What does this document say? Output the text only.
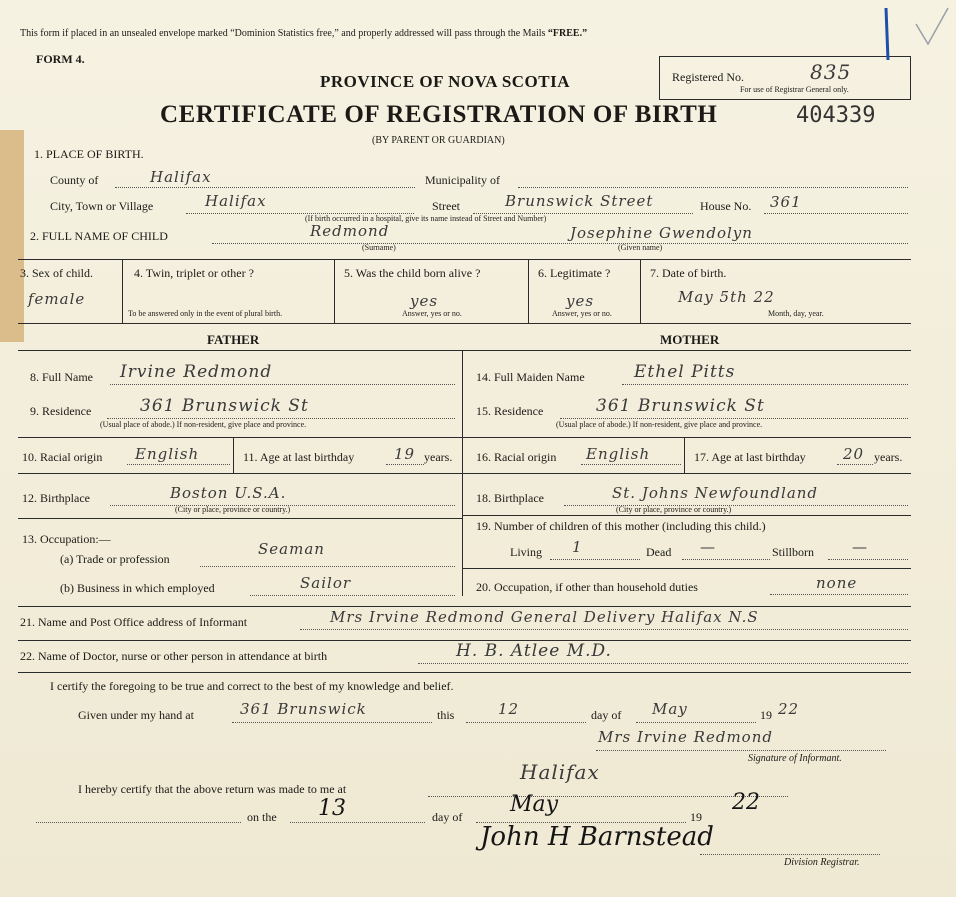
This form if placed in an unsealed envelope marked “Dominion Statistics free,” and properly addressed will pass through the Mails “FREE.”
FORM 4.
PROVINCE OF NOVA SCOTIA
CERTIFICATE OF REGISTRATION OF BIRTH
(BY PARENT OR GUARDIAN)
Registered No.
For use of Registrar General only.
835
404339
1. PLACE OF BIRTH.
County of	Halifax	Municipality of
City, Town or Village	Halifax	Street	Brunswick Street	House No. 361
(If birth occurred in a hospital, give its name instead of Street and Number)
2. FULL NAME OF CHILD	Redmond	Josephine Gwendolyn
(Surname)	(Given name)
3. Sex of child.
female
4. Twin, triplet or other ?
To be answered only in the event of plural birth.
5. Was the child born alive ?
yes
Answer, yes or no.
6. Legitimate ?
yes
Answer, yes or no.
7. Date of birth.
May 5th 22
Month, day, year.
FATHER	MOTHER
8. Full Name Irvine Redmond
9. Residence	361 Brunswick St
(Usual place of abode.) If non-resident, give place and province.
10. Racial origin English	11. Age at last birthday	19 years.
12. Birthplace	Boston U.S.A.
(City or place, province or country.)
13. Occupation:—
(a) Trade or profession
Seaman
(b) Business in which employed	Sailor
14. Full Maiden Name	Ethel Pitts
15. Residence	361 Brunswick St
(Usual place of abode.) If non-resident, give place and province.
16. Racial origin English	17. Age at last birthday 20 years.
18. Birthplace	St. Johns Newfoundland
(City or place, province or country.)
19. Number of children of this mother (including this child.)
Living 1	Dead —	Stillborn	—
20. Occupation, if other than household duties	none
21. Name and Post Office address of Informant	Mrs Irvine Redmond General Delivery Halifax N.S
22. Name of Doctor, nurse or other person in attendance at birth	H. B. Atlee M.D.
I certify the foregoing to be true and correct to the best of my knowledge and belief.
Given under my hand at	361 Brunswick	this	12	day of May	19 22
Mrs Irvine Redmond
Signature of Informant.
I hereby certify that the above return was made to me at
Halifax
on the 13	day of May	19
22
John H Barnstead
Division Registrar.
